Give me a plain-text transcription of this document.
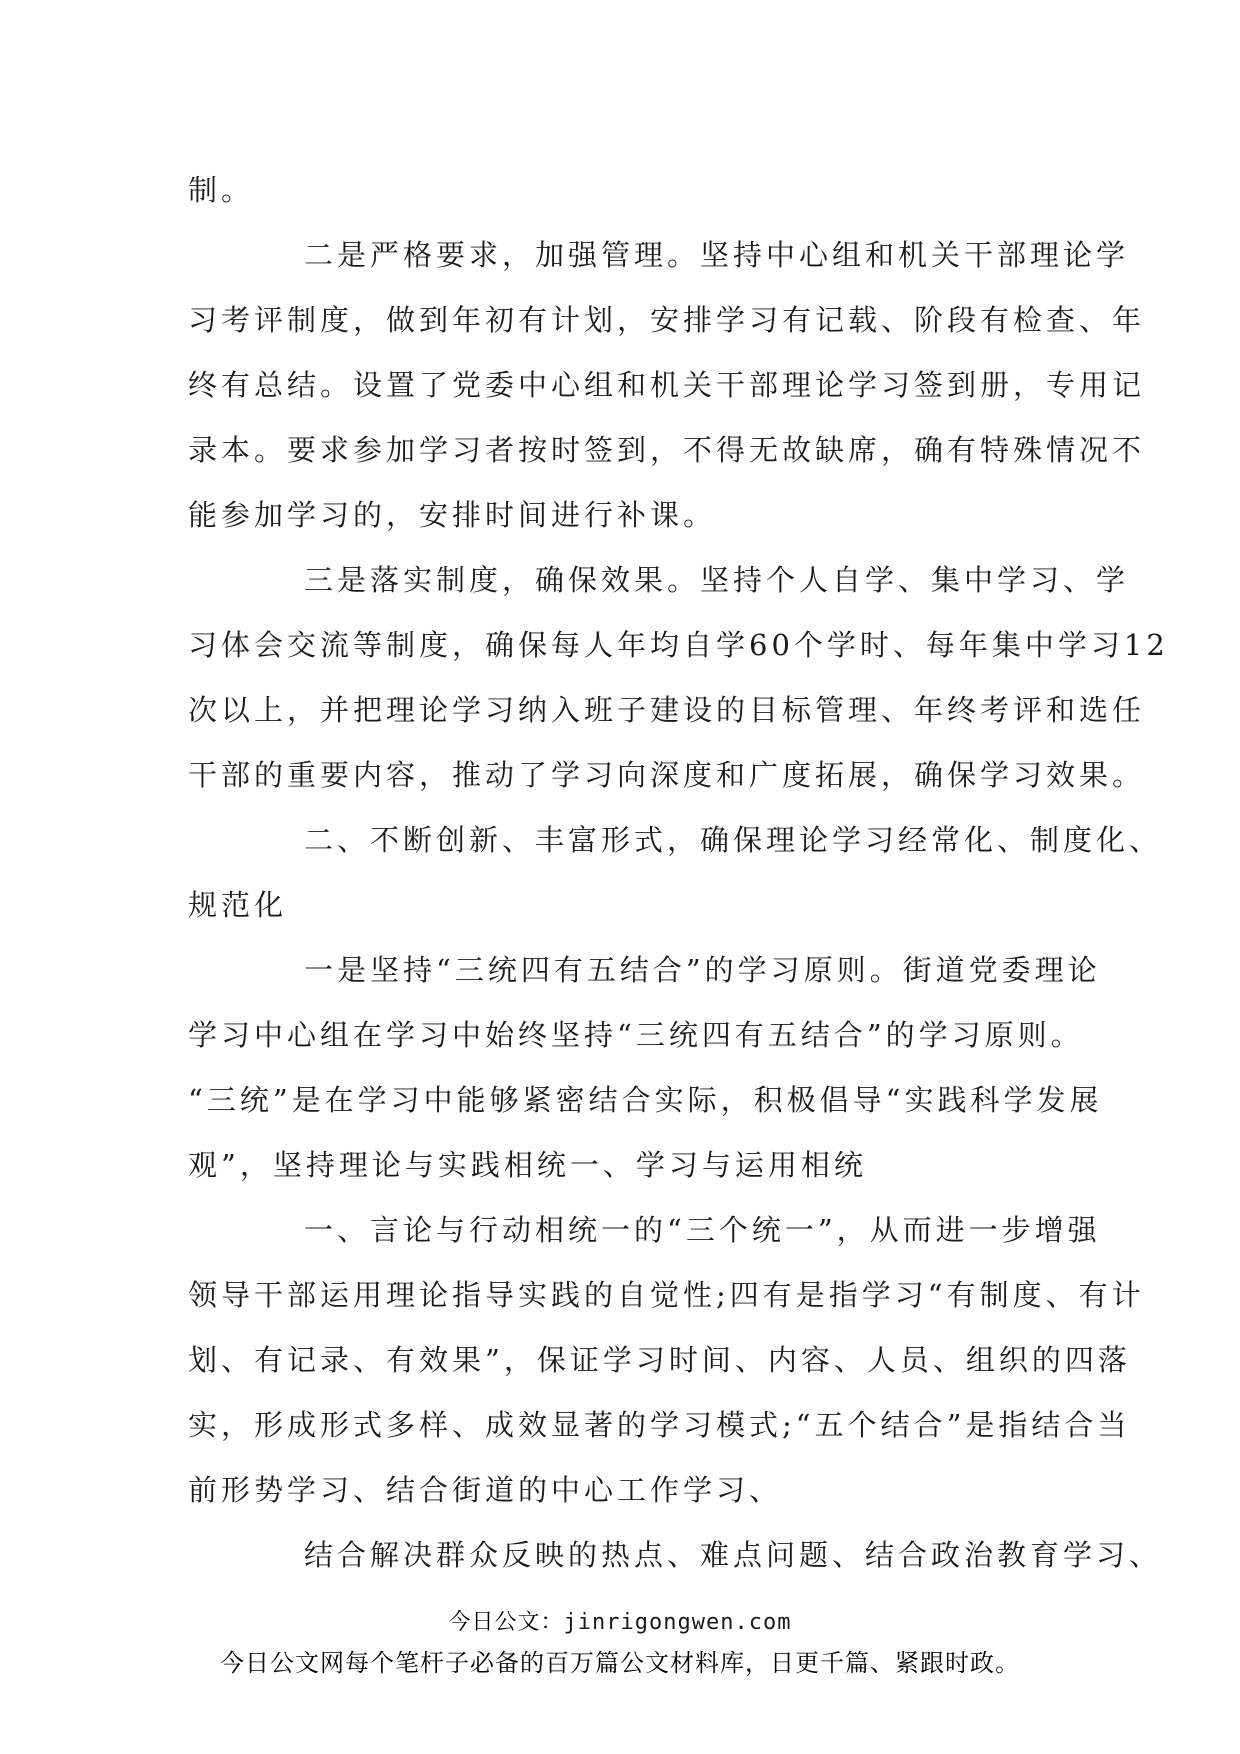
制。
二是严格要求，加强管理。坚持中心组和机关干部理论学
习考评制度，做到年初有计划，安排学习有记载、阶段有检查、年
终有总结。设置了党委中心组和机关干部理论学习签到册，专用记
录本。要求参加学习者按时签到，不得无故缺席，确有特殊情况不
能参加学习的，安排时间进行补课。
三是落实制度，确保效果。坚持个人自学、集中学习、学
习体会交流等制度，确保每人年均自学60个学时、每年集中学习12
次以上，并把理论学习纳入班子建设的目标管理、年终考评和选任
干部的重要内容，推动了学习向深度和广度拓展，确保学习效果。
二、不断创新、丰富形式，确保理论学习经常化、制度化、
规范化
一是坚持“三统四有五结合”的学习原则。街道党委理论
学习中心组在学习中始终坚持“三统四有五结合”的学习原则。
“三统”是在学习中能够紧密结合实际，积极倡导“实践科学发展
观”，坚持理论与实践相统一、学习与运用相统
一、言论与行动相统一的“三个统一”，从而进一步增强
领导干部运用理论指导实践的自觉性;四有是指学习“有制度、有计
划、有记录、有效果”，保证学习时间、内容、人员、组织的四落
实，形成形式多样、成效显著的学习模式;“五个结合”是指结合当
前形势学习、结合街道的中心工作学习、
结合解决群众反映的热点、难点问题、结合政治教育学习、
今日公文：jinrigongwen.com
今日公文网每个笔杆子必备的百万篇公文材料库，日更千篇、紧跟时政。
